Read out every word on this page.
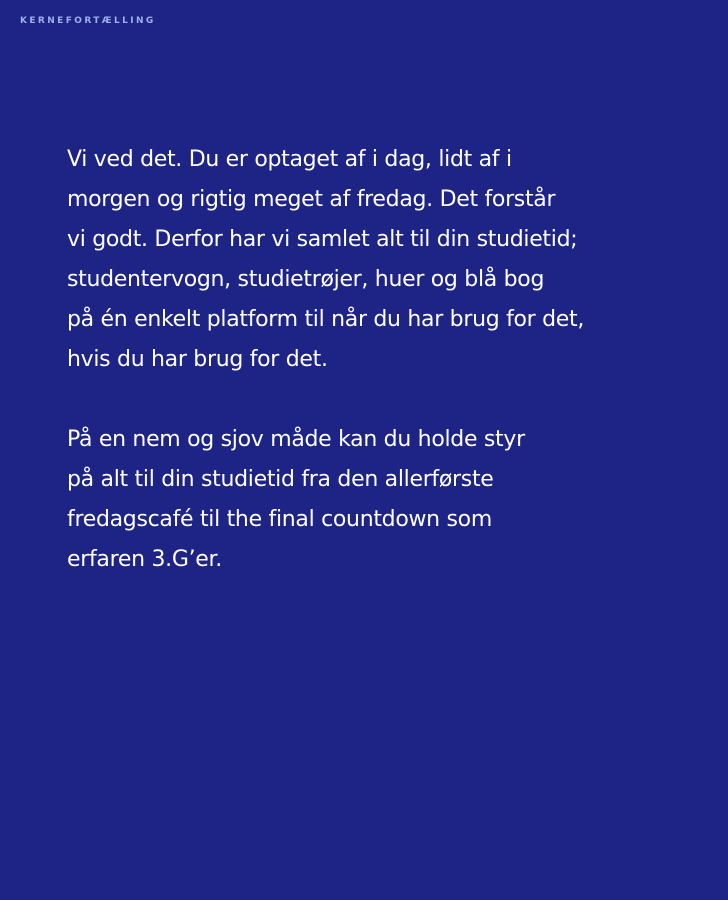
KERNEFORTÆLLING

Vi ved det. Du er optaget af i dag, lidt af i
morgen og rigtig meget af fredag. Det forstår
vi godt. Derfor har vi samlet alt til din studietid;
studentervogn, studietrøjer, huer og blå bog
på én enkelt platform til når du har brug for det,
hvis du har brug for det.

På en nem og sjov måde kan du holde styr
på alt til din studietid fra den allerførste
fredagscafé til the final countdown som
erfaren 3.G’er.
